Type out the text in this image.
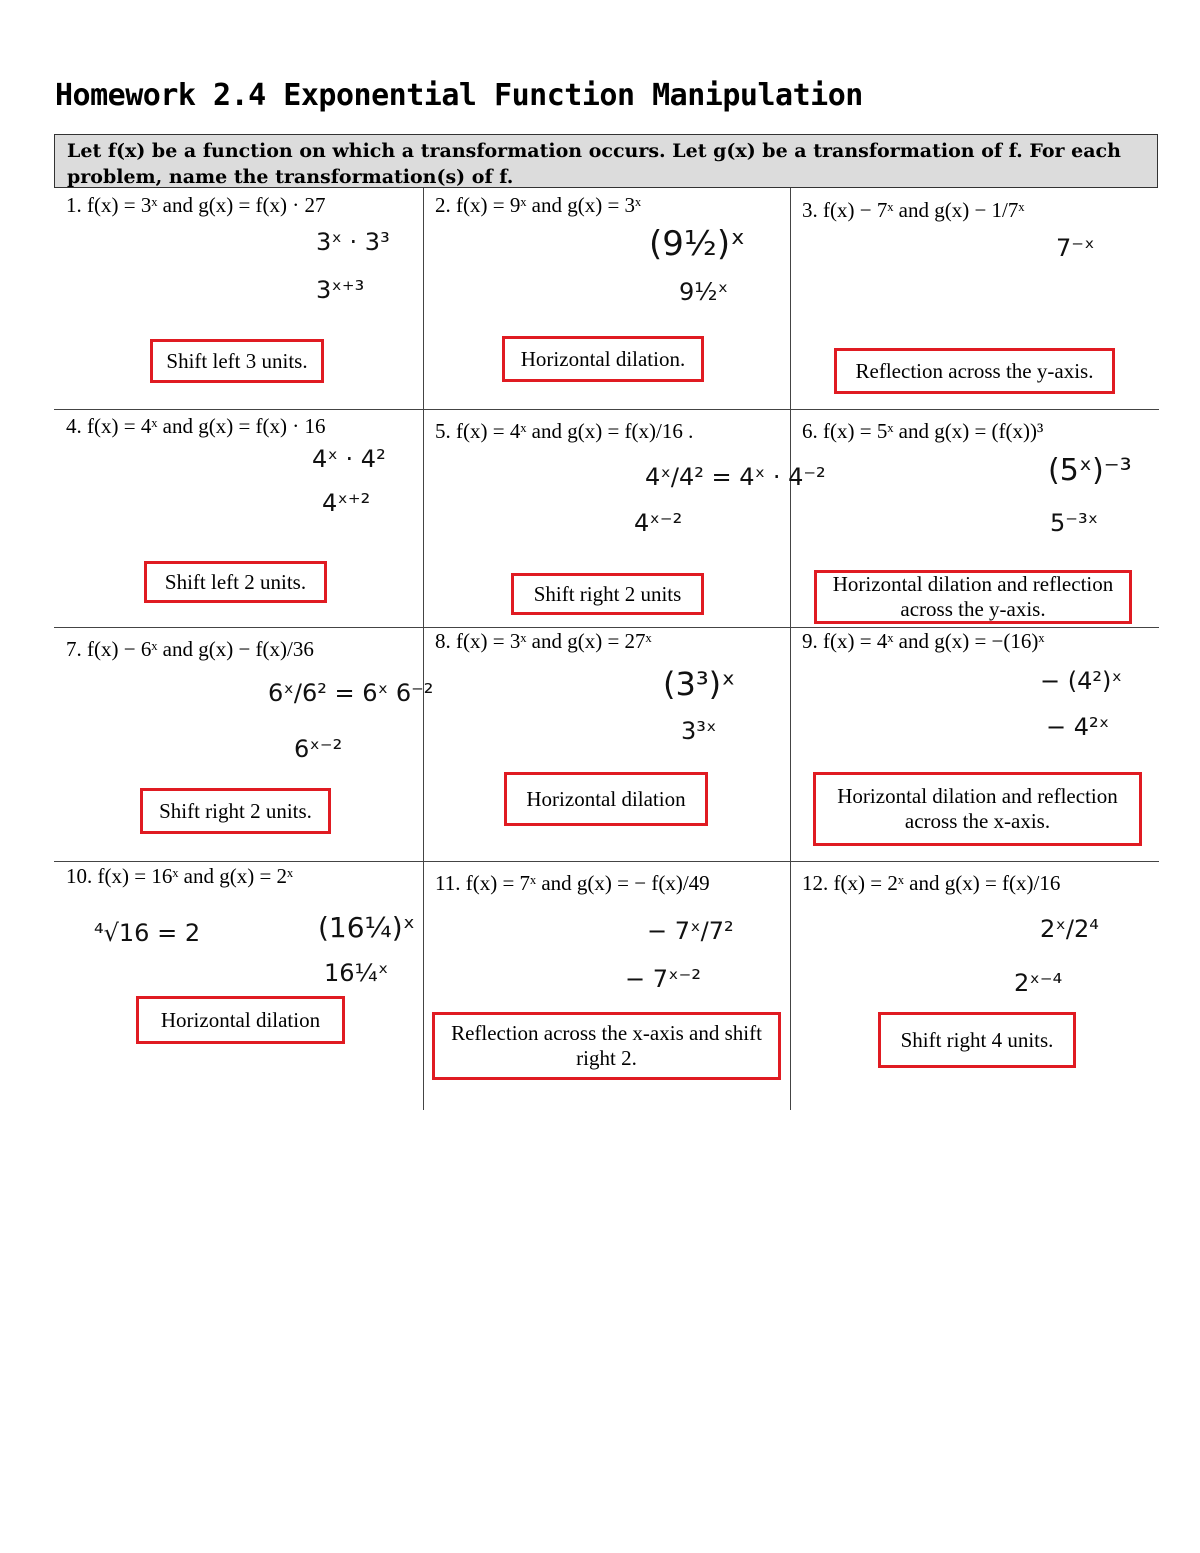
Homework 2.4 Exponential Function Manipulation
Let f(x) be a function on which a transformation occurs. Let g(x) be a transformation of f. For each problem, name the transformation(s) of f.
1. f(x) = 3ˣ and g(x) = f(x) · 27
3ˣ · 3³
3ˣ⁺³
Shift left 3 units.
2. f(x) = 9ˣ and g(x) = 3ˣ
(9½)ˣ
9½ˣ
Horizontal dilation.
3. f(x) − 7ˣ and g(x) − 1/7ˣ
7⁻ˣ
Reflection across the y-axis.
4. f(x) = 4ˣ and g(x) = f(x) · 16
4ˣ · 4²
4ˣ⁺²
Shift left 2 units.
5. f(x) = 4ˣ and g(x) = f(x)/16 .
4ˣ/4² = 4ˣ · 4⁻²
4ˣ⁻²
Shift right 2 units
6. f(x) = 5ˣ and g(x) = (f(x))³
(5ˣ)⁻³
5⁻³ˣ
Horizontal dilation and reflection across the y-axis.
7. f(x) − 6ˣ and g(x) − f(x)/36
6ˣ/6² = 6ˣ 6⁻²
6ˣ⁻²
Shift right 2 units.
8. f(x) = 3ˣ and g(x) = 27ˣ
(3³)ˣ
3³ˣ
Horizontal dilation
9. f(x) = 4ˣ and g(x) = −(16)ˣ
− (4²)ˣ
− 4²ˣ
Horizontal dilation and reflection across the x-axis.
10. f(x) = 16ˣ and g(x) = 2ˣ
⁴√16 = 2	(16¼)ˣ
16¼ˣ
Horizontal dilation
11. f(x) = 7ˣ and g(x) = − f(x)/49
− 7ˣ/7²
− 7ˣ⁻²
Reflection across the x-axis and shift right 2.
12. f(x) = 2ˣ and g(x) = f(x)/16
2ˣ/2⁴
2ˣ⁻⁴
Shift right 4 units.
